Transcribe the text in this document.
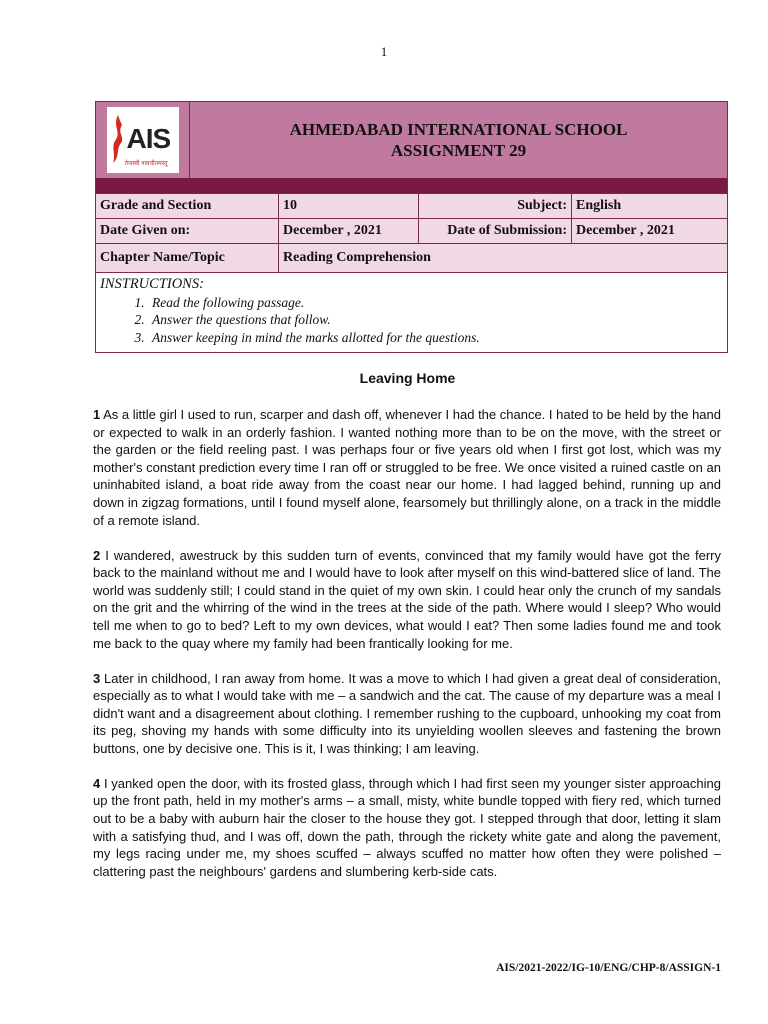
1
AIS
तेजस्वी नावधीतमस्तु
AHMEDABAD INTERNATIONAL SCHOOL
ASSIGNMENT 29
Grade and Section	10	Subject: English
Date Given on:	December , 2021	Date of Submission: December , 2021
Chapter Name/Topic	Reading Comprehension
INSTRUCTIONS:
1. Read the following passage.
2. Answer the questions that follow.
3. Answer keeping in mind the marks allotted for the questions.
Leaving Home

1 As a little girl I used to run, scarper and dash off, whenever I had the chance. I hated to be held by the hand or expected to walk in an orderly fashion. I wanted nothing more than to be on the move, with the street or the garden or the field reeling past. I was perhaps four or five years old when I first got lost, which was my mother's constant prediction every time I ran off or struggled to be free. We once visited a ruined castle on an uninhabited island, a boat ride away from the coast near our home. I had lagged behind, running up and down in zigzag formations, until I found myself alone, fearsomely but thrillingly alone, on a track in the middle of a remote island.

2 I wandered, awestruck by this sudden turn of events, convinced that my family would have got the ferry back to the mainland without me and I would have to look after myself on this wind-battered slice of land. The world was suddenly still; I could stand in the quiet of my own skin. I could hear only the crunch of my sandals on the grit and the whirring of the wind in the trees at the side of the path. Where would I sleep? Who would tell me when to go to bed? Left to my own devices, what would I eat? Then some ladies found me and took me back to the quay where my family had been frantically looking for me.

3 Later in childhood, I ran away from home. It was a move to which I had given a great deal of consideration, especially as to what I would take with me – a sandwich and the cat. The cause of my departure was a meal I didn't want and a disagreement about clothing. I remember rushing to the cupboard, unhooking my coat from its peg, shoving my hands with some difficulty into its unyielding woollen sleeves and fastening the brown buttons, one by decisive one. This is it, I was thinking; I am leaving.

4 I yanked open the door, with its frosted glass, through which I had first seen my younger sister approaching up the front path, held in my mother's arms – a small, misty, white bundle topped with fiery red, which turned out to be a baby with auburn hair the closer to the house they got. I stepped through that door, letting it slam with a satisfying thud, and I was off, down the path, through the rickety white gate and along the pavement, my legs racing under me, my shoes scuffed – always scuffed no matter how often they were polished – clattering past the neighbours' gardens and slumbering kerb-side cats.

AIS/2021-2022/IG-10/ENG/CHP-8/ASSIGN-1
